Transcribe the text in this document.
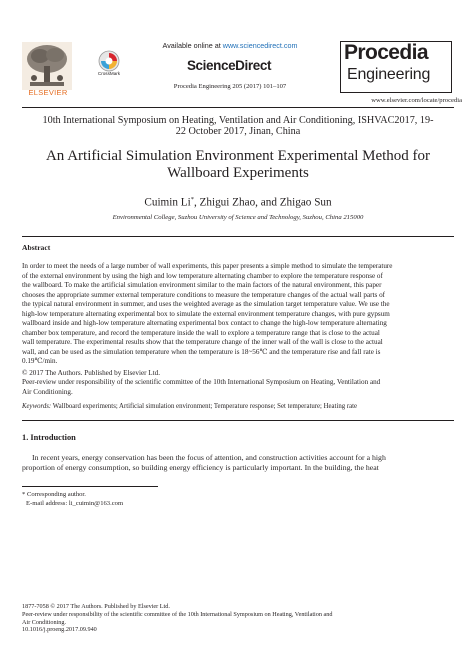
ELSEVIER
Available online at www.sciencedirect.com
CrossMark
ScienceDirect
Procedia Engineering 205 (2017) 101–107
Procedia
Engineering
www.elsevier.com/locate/procedia
10th International Symposium on Heating, Ventilation and Air Conditioning, ISHVAC2017, 19-
22 October 2017, Jinan, China
An Artificial Simulation Environment Experimental Method for
Wallboard Experiments
Cuimin Li*, Zhigui Zhao, and Zhigao Sun
Environmental College, Suzhou University of Science and Technology, Suzhou, China 215000
Abstract
In order to meet the needs of a large number of wall experiments, this paper presents a simple method to simulate the temperature
of the external environment by using the high and low temperature alternating chamber to explore the temperature response of
the wallboard. To make the artificial simulation environment similar to the main factors of the natural environment, this paper
chooses the appropriate summer external temperature conditions to measure the temperature changes of the actual wall parts of
the typical natural environment in summer, and uses the weighted average as the simulation target temperature value. We use the
high-low temperature alternating experimental box to simulate the external environment temperature changes, with pure gypsum
wallboard inside and high-low temperature alternating experimental box contact to change the high-low temperature alternating
chamber box temperature, and record the temperature inside the wall to explore a temperature range that is close to the actual
wall temperature. The experimental results show that the temperature change of the inner wall of the wall is close to the actual
wall, and can be used as the simulation temperature when the temperature is 18~56℃ and the temperature rise and fall rate is
0.19℃/min.
© 2017 The Authors. Published by Elsevier Ltd.
Peer-review under responsibility of the scientific committee of the 10th International Symposium on Heating, Ventilation and
Air Conditioning.
Keywords: Wallboard experiments; Artificial simulation environment; Temperature response; Set temperature; Heating rate
1. Introduction
In recent years, energy conservation has been the focus of attention, and construction activities account for a high
proportion of energy consumption, so building energy efficiency is particularly important. In the building, the heat
* Corresponding author.
E-mail address: li_cuimin@163.com
1877-7058 © 2017 The Authors. Published by Elsevier Ltd.
Peer-review under responsibility of the scientific committee of the 10th International Symposium on Heating, Ventilation and
Air Conditioning.
10.1016/j.proeng.2017.09.940
